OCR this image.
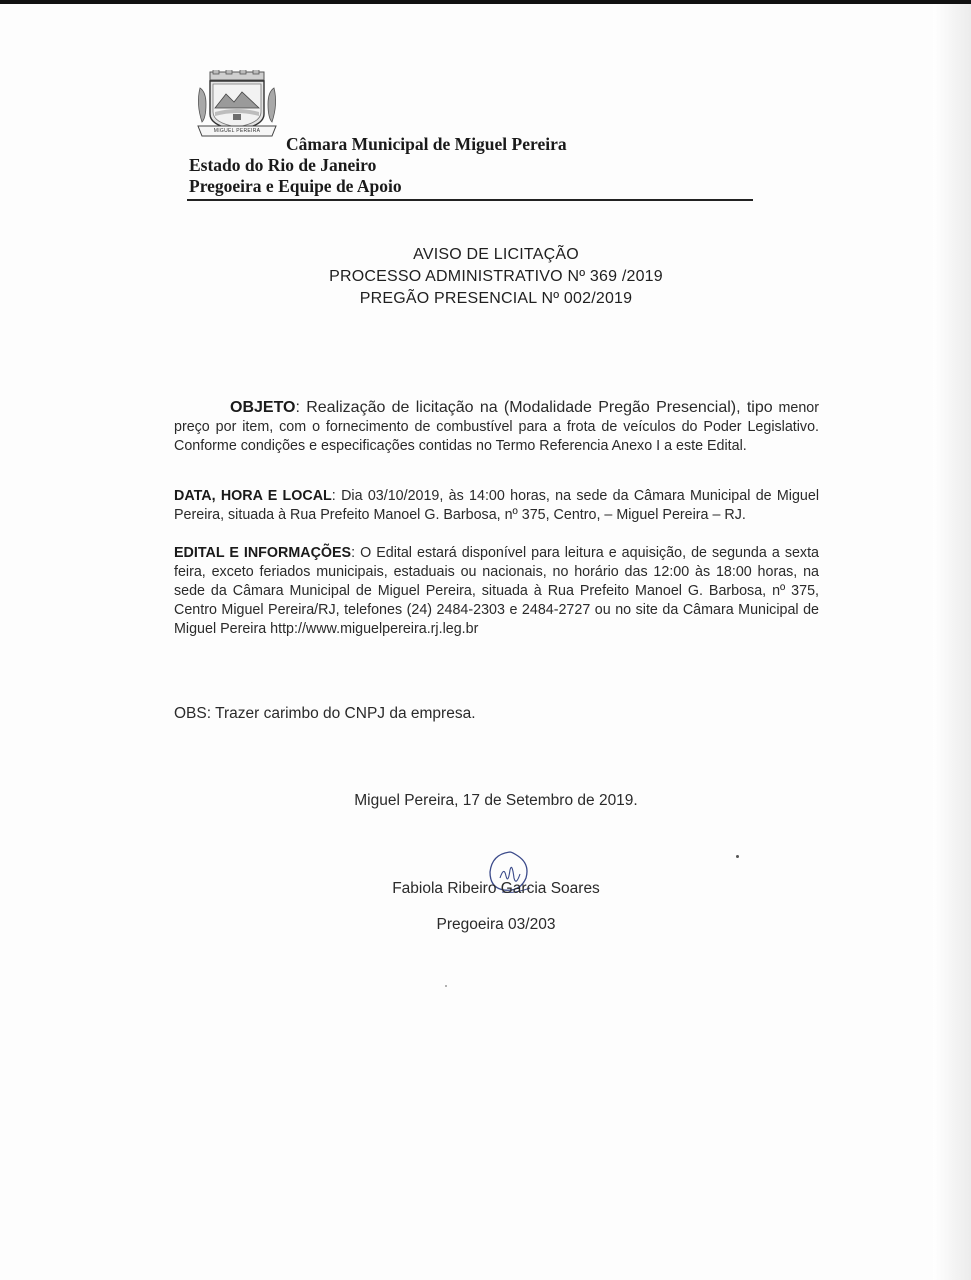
MIGUEL PEREIRA
Câmara Municipal de Miguel Pereira
Estado do Rio de Janeiro
Pregoeira e Equipe de Apoio
AVISO DE LICITAÇÃO
PROCESSO ADMINISTRATIVO Nº 369 /2019
PREGÃO PRESENCIAL Nº 002/2019
OBJETO: Realização de licitação na (Modalidade Pregão Presencial), tipo menor preço por item, com o fornecimento de combustível para a frota de veículos do Poder Legislativo. Conforme condições e especificações contidas no Termo Referencia Anexo I a este Edital.
DATA, HORA E LOCAL: Dia 03/10/2019, às 14:00 horas, na sede da Câmara Municipal de Miguel Pereira, situada à Rua Prefeito Manoel G. Barbosa, nº 375, Centro, – Miguel Pereira – RJ.
EDITAL E INFORMAÇÕES: O Edital estará disponível para leitura e aquisição, de segunda a sexta feira, exceto feriados municipais, estaduais ou nacionais, no horário das 12:00 às 18:00 horas, na sede da Câmara Municipal de Miguel Pereira, situada à Rua Prefeito Manoel G. Barbosa, nº 375, Centro Miguel Pereira/RJ, telefones (24) 2484-2303 e 2484-2727 ou no site da Câmara Municipal de Miguel Pereira http://www.miguelpereira.rj.leg.br
OBS: Trazer carimbo do CNPJ da empresa.
Miguel Pereira, 17 de Setembro de 2019.
Fabiola Ribeiro Garcia Soares
Pregoeira 03/203
